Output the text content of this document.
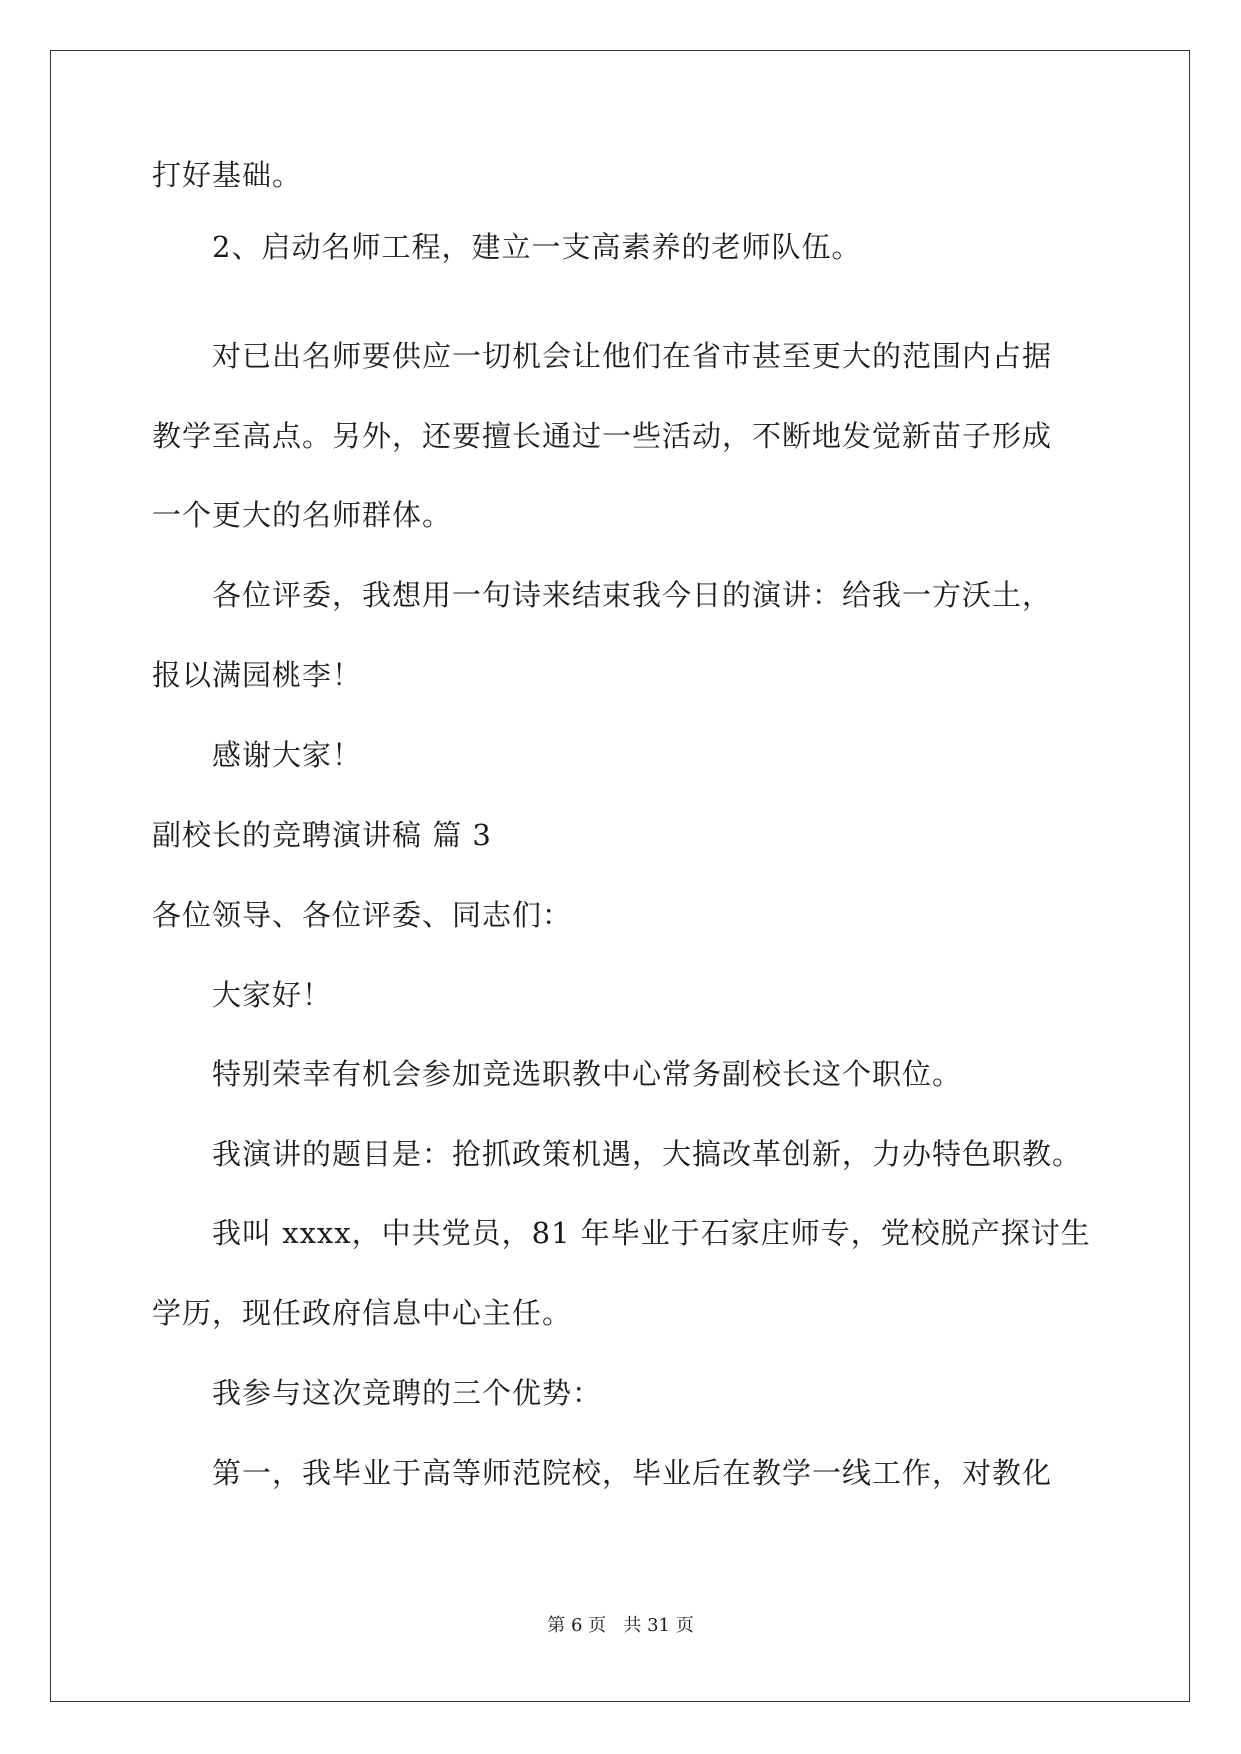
打好基础。
2、启动名师工程，建立一支高素养的老师队伍。
对已出名师要供应一切机会让他们在省市甚至更大的范围内占据
教学至高点。另外，还要擅长通过一些活动，不断地发觉新苗子形成
一个更大的名师群体。
各位评委，我想用一句诗来结束我今日的演讲：给我一方沃土，
报以满园桃李！
感谢大家！
副校长的竞聘演讲稿 篇 3
各位领导、各位评委、同志们：
大家好！
特别荣幸有机会参加竞选职教中心常务副校长这个职位。
我演讲的题目是：抢抓政策机遇，大搞改革创新，力办特色职教。
我叫 xxxx，中共党员，81 年毕业于石家庄师专，党校脱产探讨生
学历，现任政府信息中心主任。
我参与这次竞聘的三个优势：
第一，我毕业于高等师范院校，毕业后在教学一线工作，对教化
第 6 页   共 31 页
